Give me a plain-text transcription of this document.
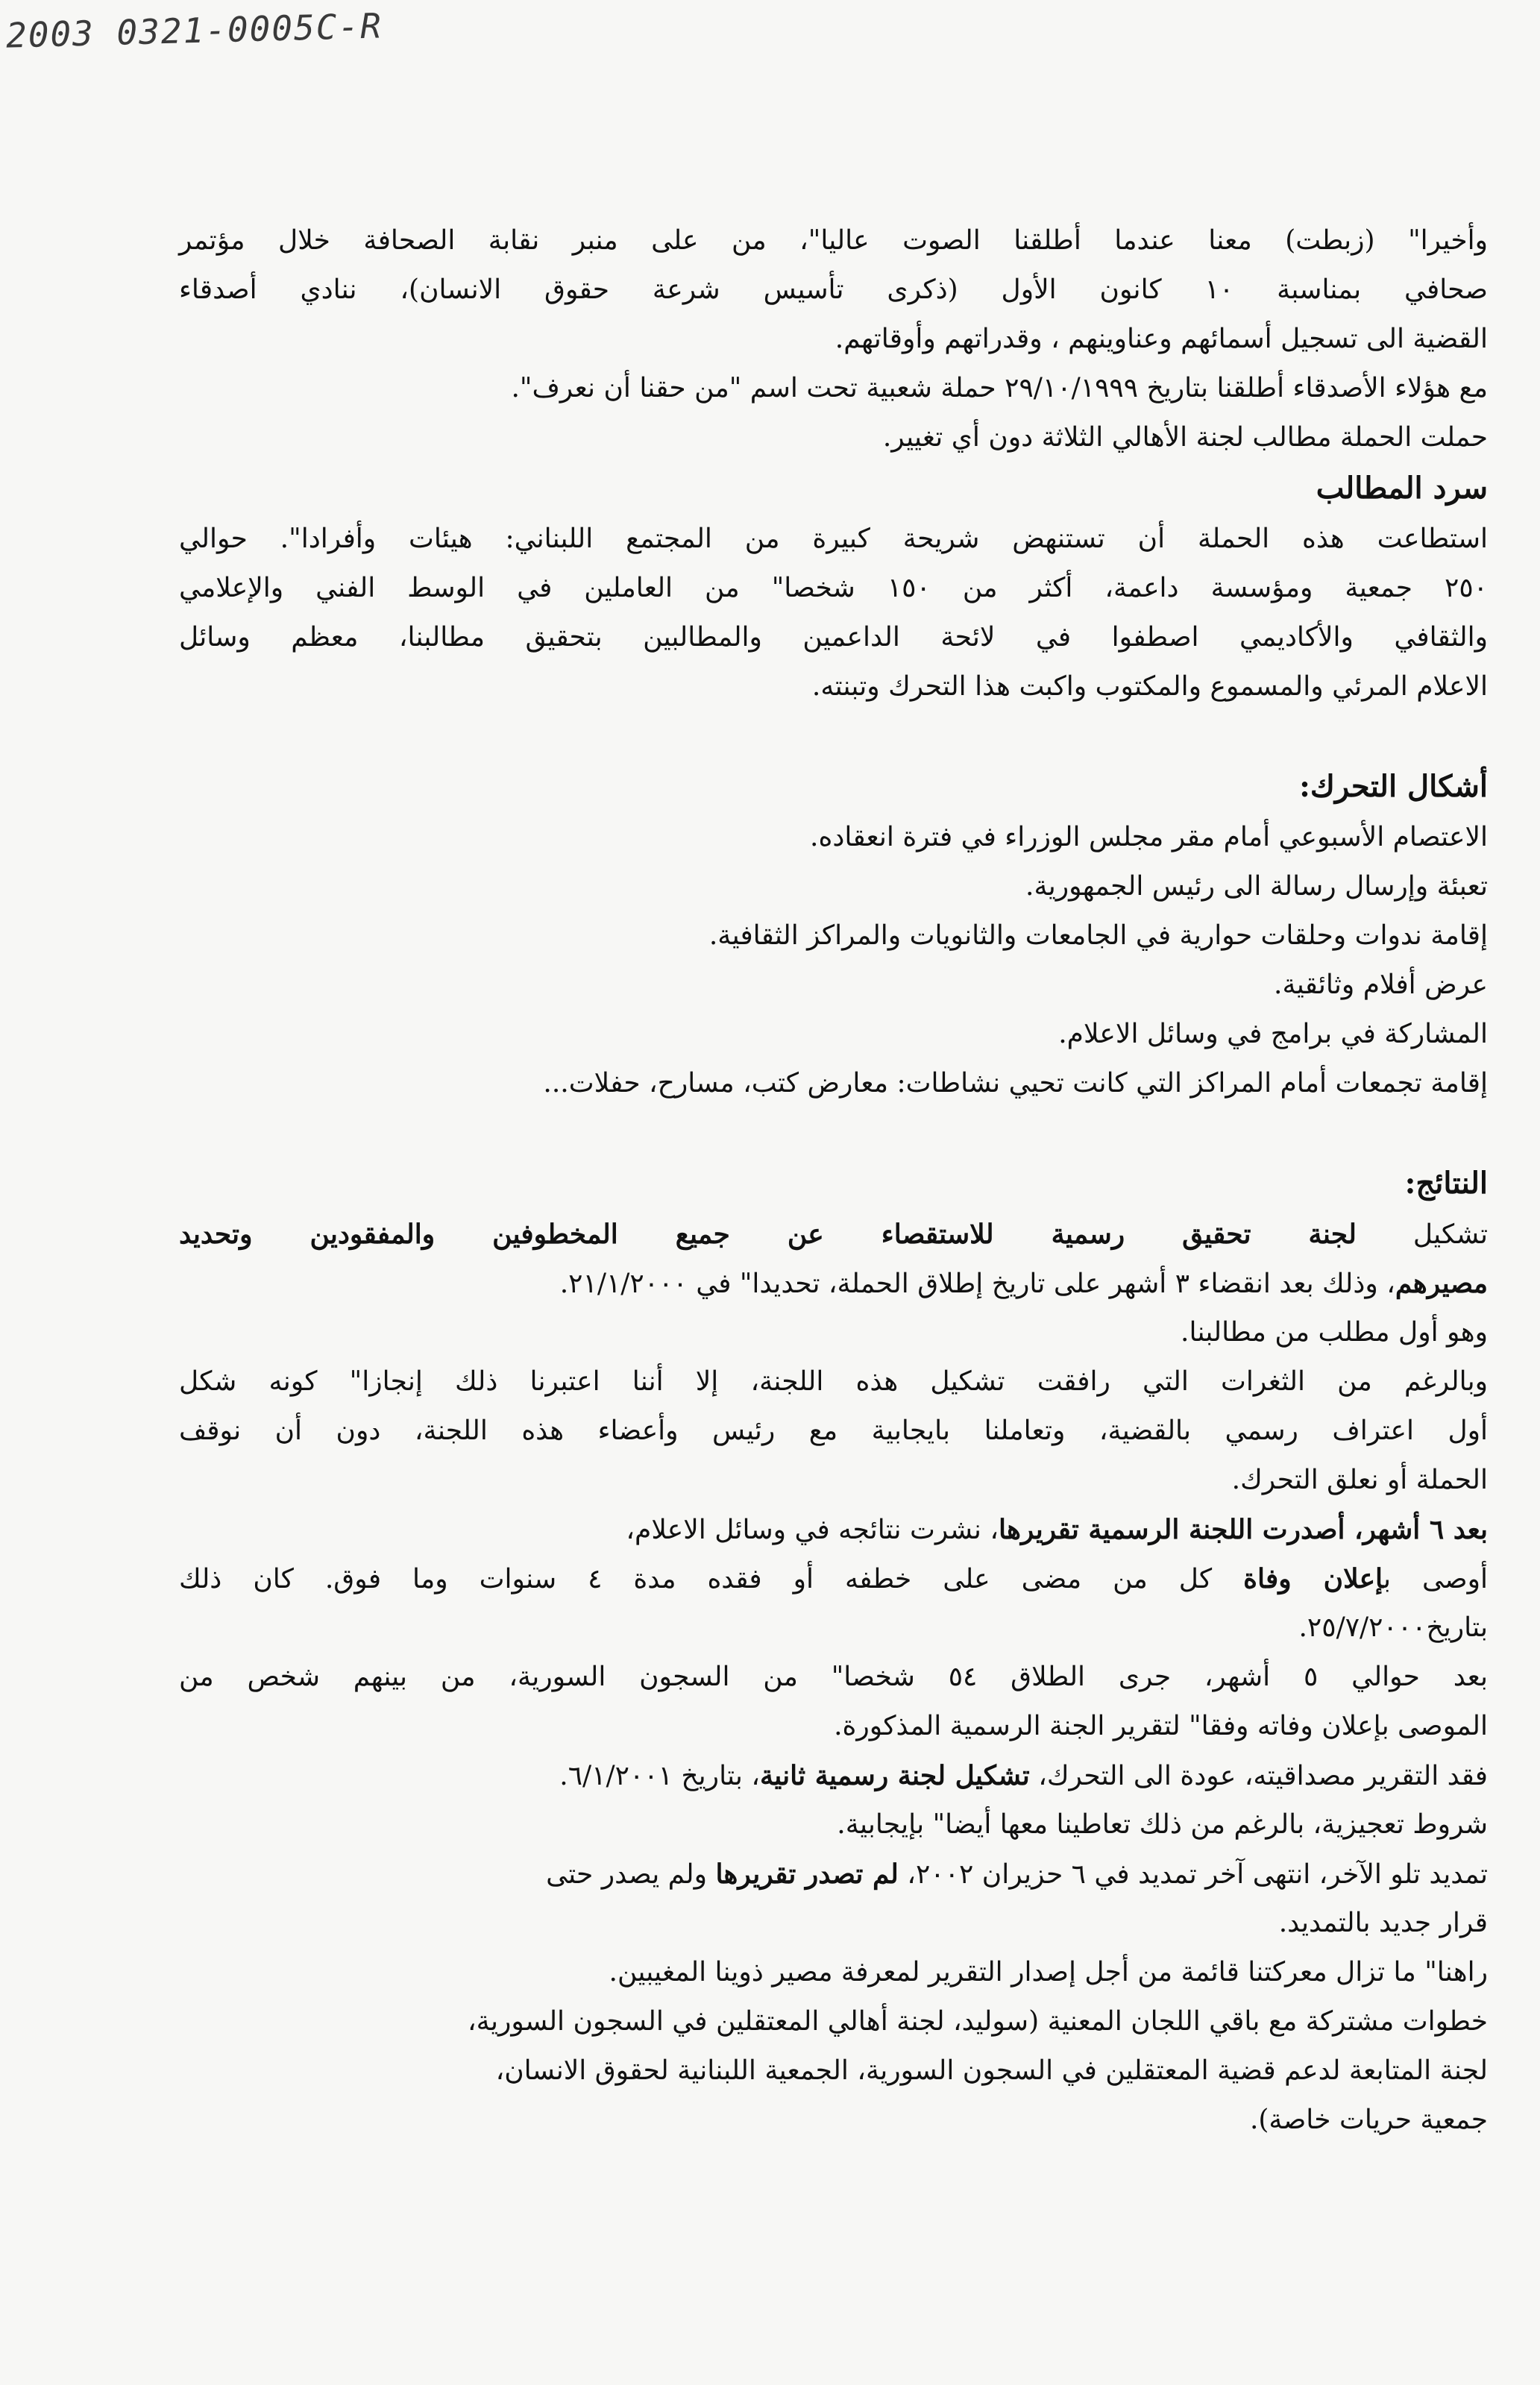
2003 0321-0005C-R
وأخيرا" (زبطت) معنا عندما أطلقنا الصوت عاليا"، من على منبر نقابة الصحافة خلال مؤتمر
صحافي بمناسبة ١٠ كانون الأول (ذكرى تأسيس شرعة حقوق الانسان)، ننادي أصدقاء
القضية الى تسجيل أسمائهم وعناوينهم ، وقدراتهم وأوقاتهم.
مع هؤلاء الأصدقاء أطلقنا بتاريخ ٢٩/١٠/١٩٩٩ حملة شعبية تحت اسم "من حقنا أن نعرف".
حملت الحملة مطالب لجنة الأهالي الثلاثة دون أي تغيير.
سرد المطالب
استطاعت هذه الحملة أن تستنهض شريحة كبيرة من المجتمع اللبناني: هيئات وأفرادا". حوالي
٢٥٠ جمعية ومؤسسة داعمة، أكثر من ١٥٠ شخصا" من العاملين في الوسط الفني والإعلامي
والثقافي والأكاديمي اصطفوا في لائحة الداعمين والمطالبين بتحقيق مطالبنا، معظم وسائل
الاعلام المرئي والمسموع والمكتوب واكبت هذا التحرك وتبنته.
أشكال التحرك:
الاعتصام الأسبوعي أمام مقر مجلس الوزراء في فترة انعقاده.
تعبئة وإرسال رسالة الى رئيس الجمهورية.
إقامة ندوات وحلقات حوارية في الجامعات والثانويات والمراكز الثقافية.
عرض أفلام وثائقية.
المشاركة في برامج في وسائل الاعلام.
إقامة تجمعات أمام المراكز التي كانت تحيي نشاطات: معارض كتب، مسارح، حفلات...
النتائج:
تشكيل لجنة تحقيق رسمية للاستقصاء عن جميع المخطوفين والمفقودين وتحديد
مصيرهم، وذلك بعد انقضاء ٣ أشهر على تاريخ إطلاق الحملة، تحديدا" في ٢١/١/٢٠٠٠.
وهو أول مطلب من مطالبنا.
وبالرغم من الثغرات التي رافقت تشكيل هذه اللجنة، إلا أننا اعتبرنا ذلك إنجازا" كونه شكل
أول اعتراف رسمي بالقضية، وتعاملنا بايجابية مع رئيس وأعضاء هذه اللجنة، دون أن نوقف
الحملة أو نعلق التحرك.
بعد ٦ أشهر، أصدرت اللجنة الرسمية تقريرها، نشرت نتائجه في وسائل الاعلام،
أوصى بإعلان وفاة كل من مضى على خطفه أو فقده مدة ٤ سنوات وما فوق. كان ذلك
بتاريخ٢٥/٧/٢٠٠٠.
بعد حوالي ٥ أشهر، جرى الطلاق ٥٤ شخصا" من السجون السورية، من بينهم شخص من
الموصى بإعلان وفاته وفقا" لتقرير الجنة الرسمية المذكورة.
فقد التقرير مصداقيته، عودة الى التحرك، تشكيل لجنة رسمية ثانية، بتاريخ ٦/١/٢٠٠١.
شروط تعجيزية، بالرغم من ذلك تعاطينا معها أيضا" بإيجابية.
تمديد تلو الآخر، انتهى آخر تمديد في ٦ حزيران ٢٠٠٢، لم تصدر تقريرها ولم يصدر حتى
قرار جديد بالتمديد.
راهنا" ما تزال معركتنا قائمة من أجل إصدار التقرير لمعرفة مصير ذوينا المغيبين.
خطوات مشتركة مع باقي اللجان المعنية (سوليد، لجنة أهالي المعتقلين في السجون السورية،
لجنة المتابعة لدعم قضية المعتقلين في السجون السورية، الجمعية اللبنانية لحقوق الانسان،
جمعية حريات خاصة).
